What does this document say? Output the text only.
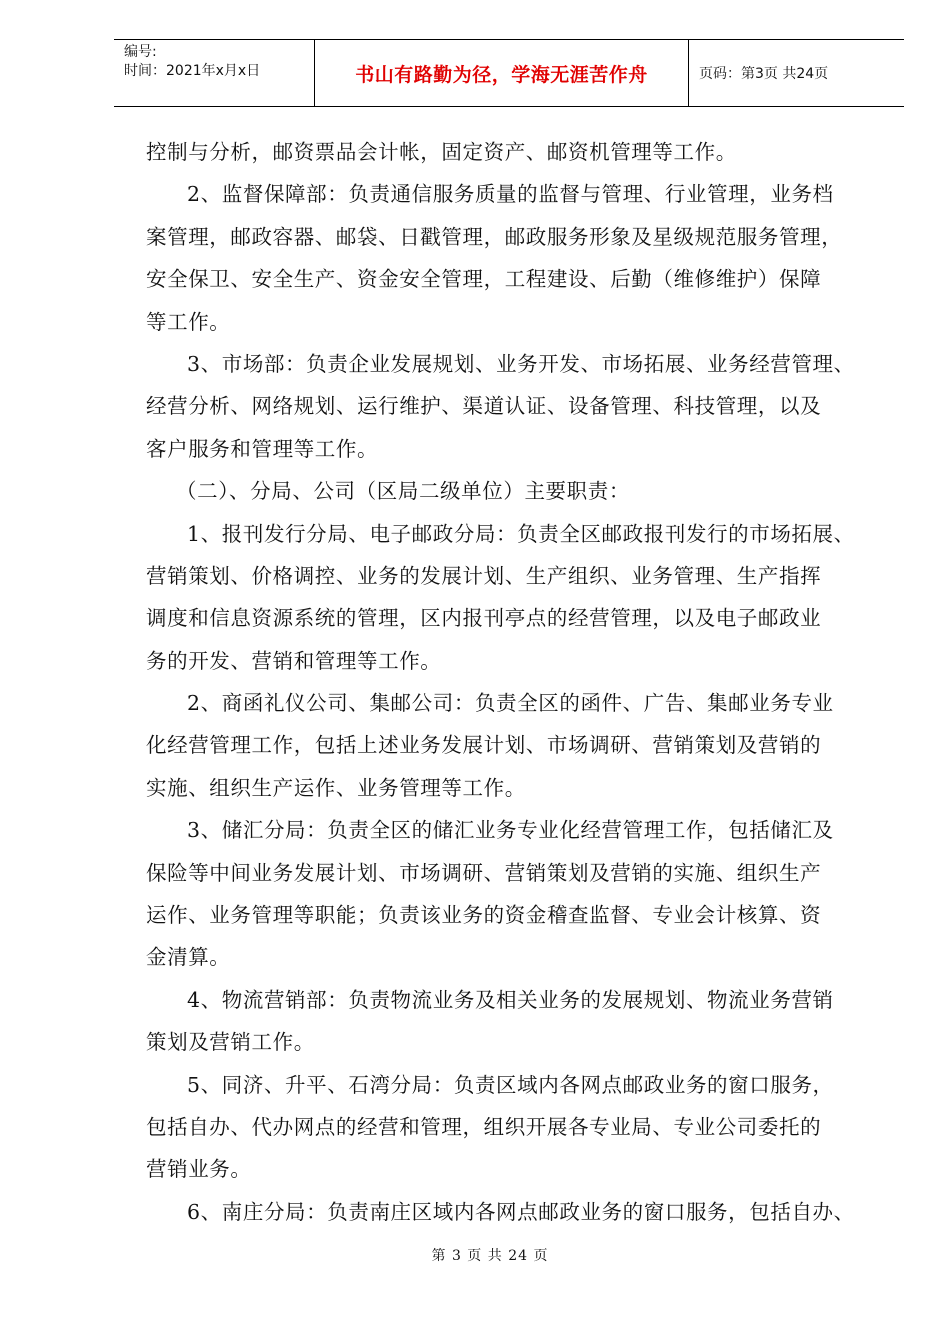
编号:
时间：2021年x月x日	书山有路勤为径，学海无涯苦作舟	页码：第3页 共24页
控制与分析，邮资票品会计帐，固定资产、邮资机管理等工作。
2、监督保障部：负责通信服务质量的监督与管理、行业管理，业务档
案管理，邮政容器、邮袋、日戳管理，邮政服务形象及星级规范服务管理，
安全保卫、安全生产、资金安全管理，工程建设、后勤（维修维护）保障
等工作。
3、市场部：负责企业发展规划、业务开发、市场拓展、业务经营管理、
经营分析、网络规划、运行维护、渠道认证、设备管理、科技管理，以及
客户服务和管理等工作。
（二）、分局、公司（区局二级单位）主要职责：
1、报刊发行分局、电子邮政分局：负责全区邮政报刊发行的市场拓展、
营销策划、价格调控、业务的发展计划、生产组织、业务管理、生产指挥
调度和信息资源系统的管理，区内报刊亭点的经营管理，以及电子邮政业
务的开发、营销和管理等工作。
2、商函礼仪公司、集邮公司：负责全区的函件、广告、集邮业务专业
化经营管理工作，包括上述业务发展计划、市场调研、营销策划及营销的
实施、组织生产运作、业务管理等工作。
3、储汇分局：负责全区的储汇业务专业化经营管理工作，包括储汇及
保险等中间业务发展计划、市场调研、营销策划及营销的实施、组织生产
运作、业务管理等职能；负责该业务的资金稽查监督、专业会计核算、资
金清算。
4、物流营销部：负责物流业务及相关业务的发展规划、物流业务营销
策划及营销工作。
5、同济、升平、石湾分局：负责区域内各网点邮政业务的窗口服务，
包括自办、代办网点的经营和管理，组织开展各专业局、专业公司委托的
营销业务。
6、南庄分局：负责南庄区域内各网点邮政业务的窗口服务，包括自办、
第 3 页 共 24 页
